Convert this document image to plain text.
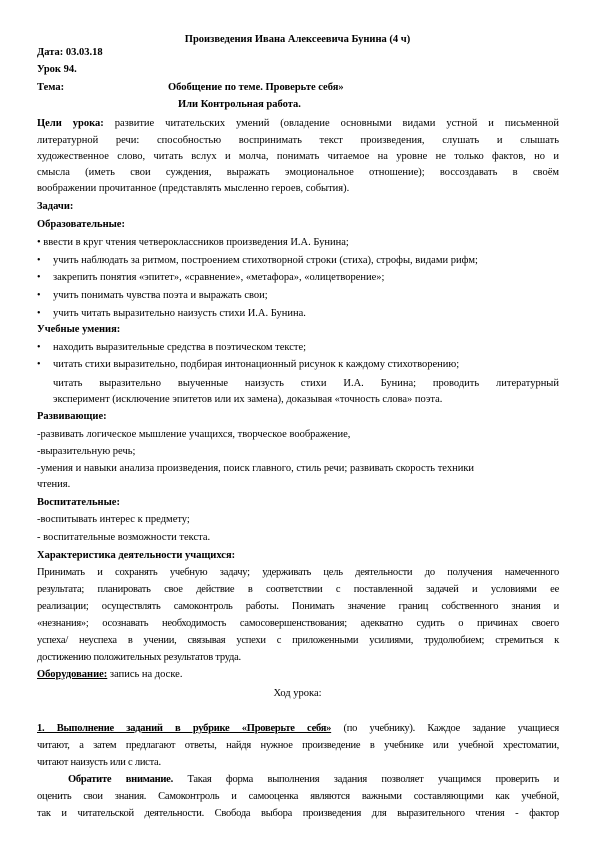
Произведения Ивана Алексеевича Бунина (4 ч)
Дата: 03.03.18
Урок 94.
Тема:	Обобщение по теме. Проверьте себя»
Или Контрольная работа.
Цели урока: развитие читательских умений (овладение основными видами устной и письменной
литературной речи: способностью воспринимать текст произведения, слушать и слышать
художественное слово, читать вслух и молча, понимать читаемое на уровне не только фактов, но и
смысла (иметь свои суждения, выражать эмоциональное отношение); воссоздавать в своём
воображении прочитанное (представлять мысленно героев, события).
Задачи:
Образовательные:
• ввести в круг чтения четвероклассников произведения И.А. Бунина;
• учить наблюдать за ритмом, построением стихотворной строки (стиха), строфы, видами рифм;
• закрепить понятия «эпитет», «сравнение», «метафора», «олицетворение»;
• учить понимать чувства поэта и выражать свои;
• учить читать выразительно наизусть стихи И.А. Бунина.
Учебные умения:
• находить выразительные средства в поэтическом тексте;
• читать стихи выразительно, подбирая интонационный рисунок к каждому стихотворению;
читать выразительно выученные наизусть стихи И.А. Бунина; проводить литературный
эксперимент (исключение эпитетов или их замена), доказывая «точность слова» поэта.
Развивающие:
-развивать логическое мышление учащихся, творческое воображение,
-выразительную речь;
-умения и навыки анализа произведения, поиск главного, стиль речи; развивать скорость техники
чтения.
Воспитательные:
-воспитывать интерес к предмету;
- воспитательные возможности текста.
Характеристика деятельности учащихся:
Принимать и сохранять учебную задачу; удерживать цель деятельности до получения намеченного
результата; планировать свое действие в соответствии с поставленной задачей и условиями ее
реализации; осуществлять самоконтроль работы. Понимать значение границ собственного знания и
«незнания»; осознавать необходимость самосовершенствования; адекватно судить о причинах своего
успеха/ неуспеха в учении, связывая успехи с приложенными усилиями, трудолюбием; стремиться к
достижению положительных результатов труда.
Оборудование: запись на доске.
Ход урока:
1. Выполнение заданий в рубрике «Проверьте себя» (по учебнику). Каждое задание учащиеся
читают, а затем предлагают ответы, найдя нужное произведение в учебнике или учебной хрестоматии,
читают наизусть или с листа.
Обратите внимание. Такая форма выполнения задания позволяет учащимся проверить и
оценить свои знания. Самоконтроль и самооценка являются важными составляющими как учебной,
так и читательской деятельности. Свобода выбора произведения для выразительного чтения - фактор
